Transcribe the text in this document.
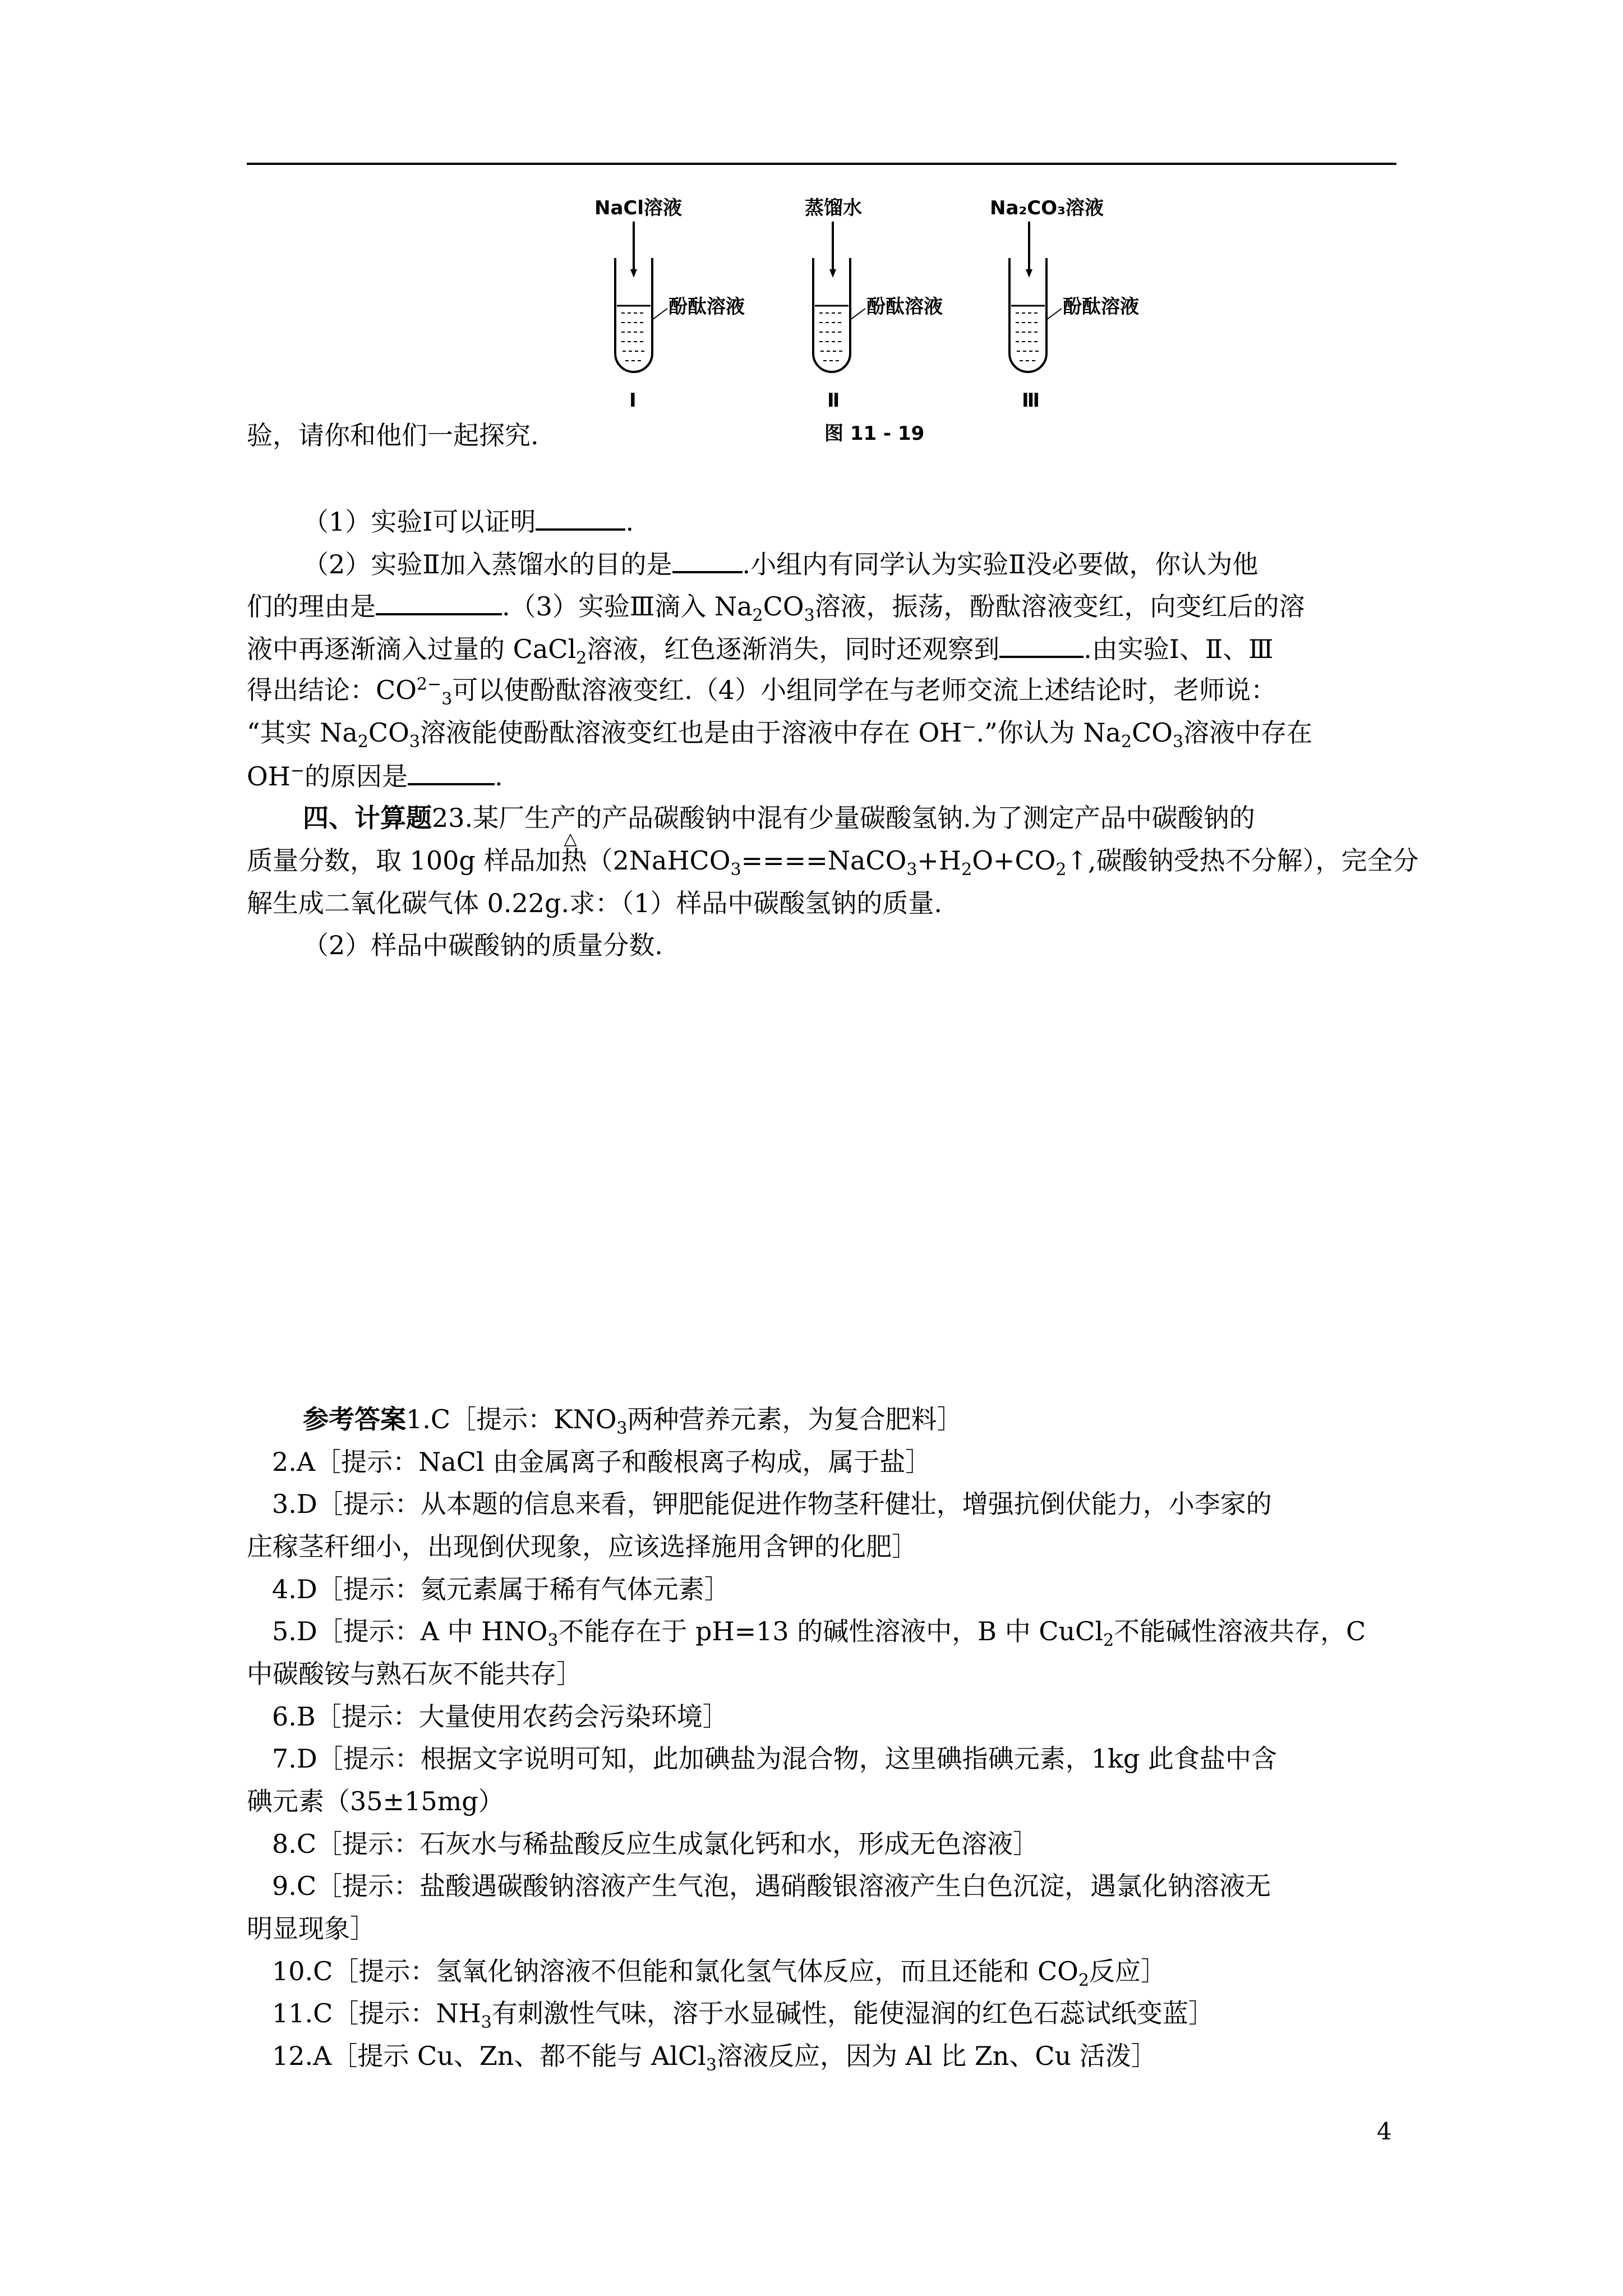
NaCl溶液
酚酞溶液
I
蒸馏水
酚酞溶液
Ⅱ
Na₂CO₃溶液
酚酞溶液
Ⅲ
图 11 - 19
验，请你和他们一起探究.
（1）实验Ⅰ可以证明	.
（2）实验Ⅱ加入蒸馏水的目的是	.小组内有同学认为实验Ⅱ没必要做，你认为他
们的理由是	.（3）实验Ⅲ滴入 $Na_2CO_3$溶液，振荡，酚酞溶液变红，向变红后的溶
液中再逐渐滴入过量的 CaCl$_2$溶液，红色逐渐消失，同时还观察到	.由实验Ⅰ、Ⅱ、Ⅲ
得出结论：$CO^{2-}_3$可以使酚酞溶液变红.（4）小组同学在与老师交流上述结论时，老师说：
“其实 $Na_2CO_3$溶液能使酚酞溶液变红也是由于溶液中存在 OH−.”你认为 $Na_2CO_3$溶液中存在
OH−的原因是	.
四、计算题23.某厂生产的产品碳酸钠中混有少量碳酸氢钠.为了测定产品中碳酸钠的
质量分数，取 100g 样品加△ 热（$2NaHCO_3====NaCO_3+H_2O+CO_2↑$,碳酸钠受热不分解），完全分
解生成二氧化碳气体 0.22g.求：（1）样品中碳酸氢钠的质量.
（2）样品中碳酸钠的质量分数.
参考答案1.C［提示：$KNO_3$两种营养元素，为复合肥料］
2.A［提示：NaCl 由金属离子和酸根离子构成，属于盐］
3.D［提示：从本题的信息来看，钾肥能促进作物茎秆健壮，增强抗倒伏能力，小李家的
庄稼茎秆细小，出现倒伏现象，应该选择施用含钾的化肥］
4.D［提示：氦元素属于稀有气体元素］
5.D［提示：A 中 $HNO_3$不能存在于 pH=13 的碱性溶液中，B 中 CuCl$_2$不能碱性溶液共存，C
中碳酸铵与熟石灰不能共存］
6.B［提示：大量使用农药会污染环境］
7.D［提示：根据文字说明可知，此加碘盐为混合物，这里碘指碘元素，1kg 此食盐中含
碘元素（35±15mg）
8.C［提示：石灰水与稀盐酸反应生成氯化钙和水，形成无色溶液］
9.C［提示：盐酸遇碳酸钠溶液产生气泡，遇硝酸银溶液产生白色沉淀，遇氯化钠溶液无
明显现象］
10.C［提示：氢氧化钠溶液不但能和氯化氢气体反应，而且还能和 $CO_2$反应］
11.C［提示：$NH_3$有刺激性气味，溶于水显碱性，能使湿润的红色石蕊试纸变蓝］
12.A［提示 Cu、Zn、都不能与 AlCl$_3$溶液反应，因为 Al 比 Zn、Cu 活泼］
4
